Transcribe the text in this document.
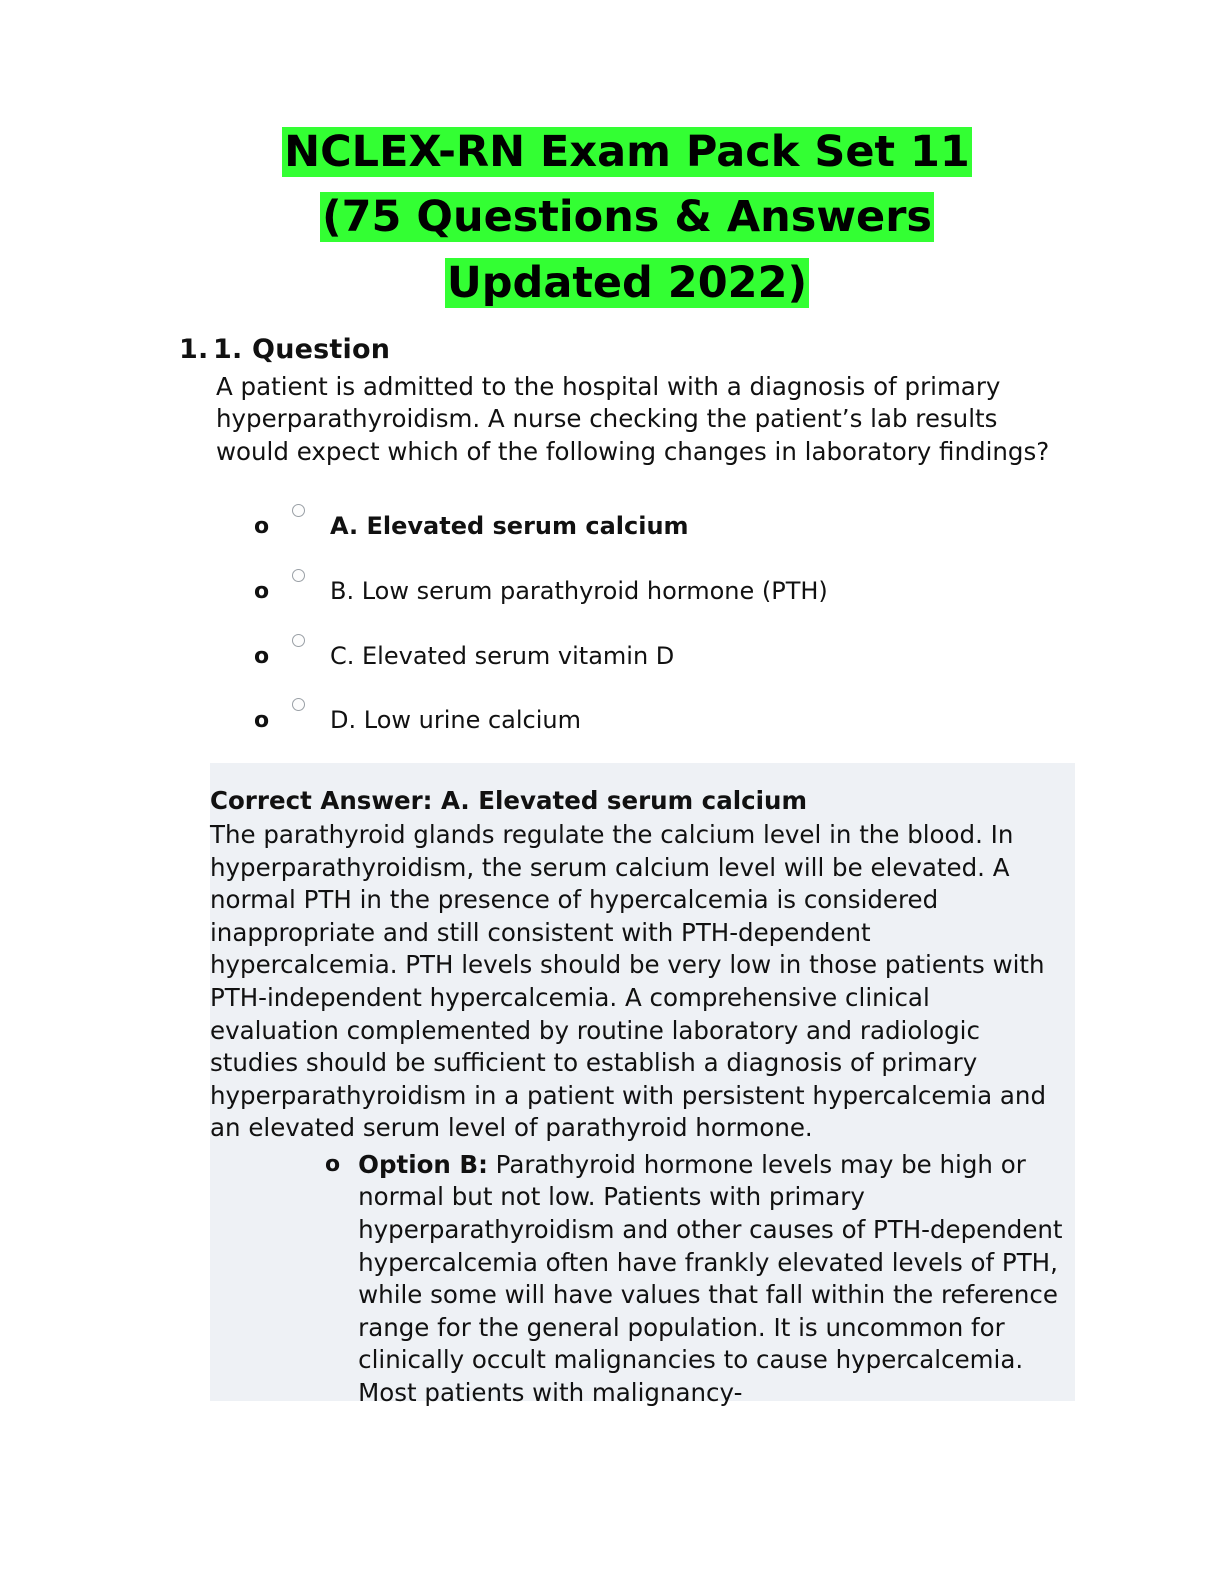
NCLEX-RN Exam Pack Set 11
(75 Questions & Answers
Updated 2022)
1. 1. Question

A patient is admitted to the hospital with a diagnosis of primary hyperparathyroidism. A nurse checking the patient’s lab results would expect which of the following changes in laboratory findings?

o	A. Elevated serum calcium
o	B. Low serum parathyroid hormone (PTH)
o	C. Elevated serum vitamin D
o	D. Low urine calcium
Correct Answer: A. Elevated serum calcium

The parathyroid glands regulate the calcium level in the blood. In hyperparathyroidism, the serum calcium level will be elevated. A normal PTH in the presence of hypercalcemia is considered inappropriate and still consistent with PTH-dependent hypercalcemia. PTH levels should be very low in those patients with PTH-independent hypercalcemia. A comprehensive clinical evaluation complemented by routine laboratory and radiologic studies should be sufficient to establish a diagnosis of primary hyperparathyroidism in a patient with persistent hypercalcemia and an elevated serum level of parathyroid hormone.

o Option B: Parathyroid hormone levels may be high or normal but not low. Patients with primary hyperparathyroidism and other causes of PTH-dependent hypercalcemia often have frankly elevated levels of PTH, while some will have values that fall within the reference range for the general population. It is uncommon for clinically occult malignancies to cause hypercalcemia. Most patients with malignancy-
